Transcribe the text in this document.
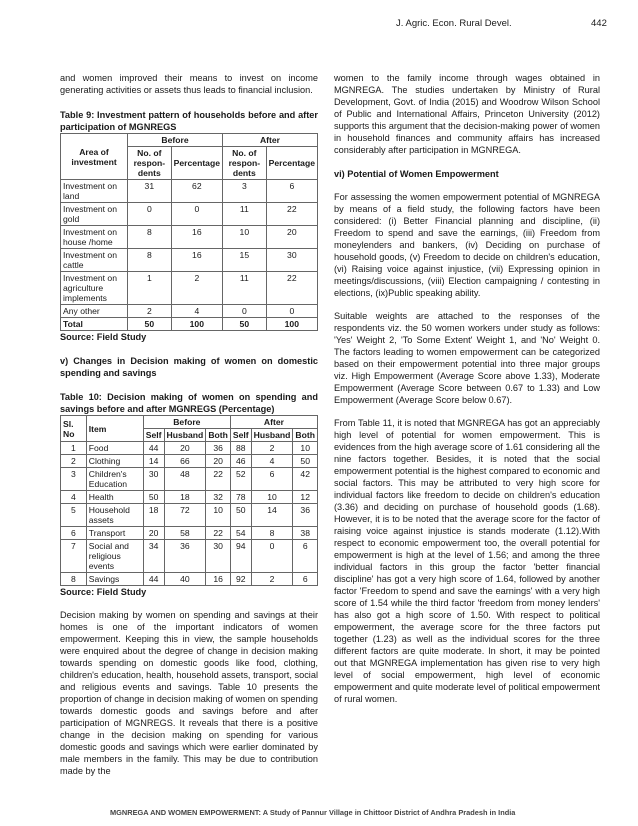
J. Agric. Econ. Rural Devel.	442

and women improved their means to invest on income generating activities or assets thus leads to financial inclusion.

Table 9: Investment pattern of households before and after participation of MGNREGS

Area of investment	Before		After	
	No. of respon-dents	Percentage	No. of respon-dents	Percentage
Investment on land	31	62	3	6
Investment on gold	0	0	11	22
Investment on house /home	8	16	10	20
Investment on cattle	8	16	15	30
Investment on agriculture implements	1	2	11	22
Any other	2	4	0	0
Total	50	100	50	100

Source: Field Study

v) Changes in Decision making of women on domestic spending and savings

Table 10: Decision making of women on spending and savings before and after MGNREGS (Percentage)

Sl. No	Item	Before			After		
		Self	Husband	Both	Self	Husband	Both
1	Food	44	20	36	88	2	10
2	Clothing	14	66	20	46	4	50
3	Children's Education	30	48	22	52	6	42
4	Health	50	18	32	78	10	12
5	Household assets	18	72	10	50	14	36
6	Transport	20	58	22	54	8	38
7	Social and religious events	34	36	30	94	0	6
8	Savings	44	40	16	92	2	6

Source: Field Study

Decision making by women on spending and savings at their homes is one of the important indicators of women empowerment. Keeping this in view, the sample households were enquired about the degree of change in decision making towards spending on domestic goods like food, clothing, children's education, health, household assets, transport, social and religious events and savings. Table 10 presents the proportion of change in decision making of women on spending towards domestic goods and savings before and after participation of MGNREGS. It reveals that there is a positive change in the decision making on spending for various domestic goods and savings which were earlier dominated by male members in the family. This may be due to contribution made by the

women to the family income through wages obtained in MGNREGA. The studies undertaken by Ministry of Rural Development, Govt. of India (2015) and Woodrow Wilson School of Public and International Affairs, Princeton University (2012) supports this argument that the decision-making power of women in household finances and community affairs has increased considerably after participation in MGNREGA.

vi) Potential of Women Empowerment

For assessing the women empowerment potential of MGNREGA by means of a field study, the following factors have been considered: (i) Better Financial planning and discipline, (ii) Freedom to spend and save the earnings, (iii) Freedom from moneylenders and bankers, (iv) Deciding on purchase of household goods, (v) Freedom to decide on children's education, (vi) Raising voice against injustice, (vii) Expressing opinion in meetings/discussions, (viii) Election campaigning / contesting in elections, (ix)Public speaking ability.

Suitable weights are attached to the responses of the respondents viz. the 50 women workers under study as follows: 'Yes' Weight 2, 'To Some Extent' Weight 1, and 'No' Weight 0. The factors leading to women empowerment can be categorized based on their empowerment potential into three major groups viz. High Empowerment (Average Score above 1.33), Moderate Empowerment (Average Score between 0.67 to 1.33) and Low Empowerment (Average Score below 0.67).

From Table 11, it is noted that MGNREGA has got an appreciably high level of potential for women empowerment. This is evidences from the high average score of 1.61 considering all the nine factors together. Besides, it is noted that the social empowerment potential is the highest compared to economic and social factors. This may be attributed to very high score for individual factors like freedom to decide on children's education (3.36) and deciding on purchase of household goods (1.68). However, it is to be noted that the average score for the factor of raising voice against injustice is stands moderate (1.12).With respect to economic empowerment too, the overall potential for empowerment is high at the level of 1.56; and among the three individual factors in this group the factor 'better financial discipline' has got a very high score of 1.64, followed by another factor 'Freedom to spend and save the earnings' with a very high score of 1.54 while the third factor 'freedom from money lenders' has also got a high score of 1.50. With respect to political empowerment, the average score for the three factors put together (1.23) as well as the individual scores for the three different factors are quite moderate. In short, it may be pointed out that MGNREGA implementation has given rise to very high level of social empowerment, high level of economic empowerment and quite moderate level of political empowerment of rural women.

MGNREGA AND WOMEN EMPOWERMENT: A Study of Pannur Village in Chittoor District of Andhra Pradesh in India
